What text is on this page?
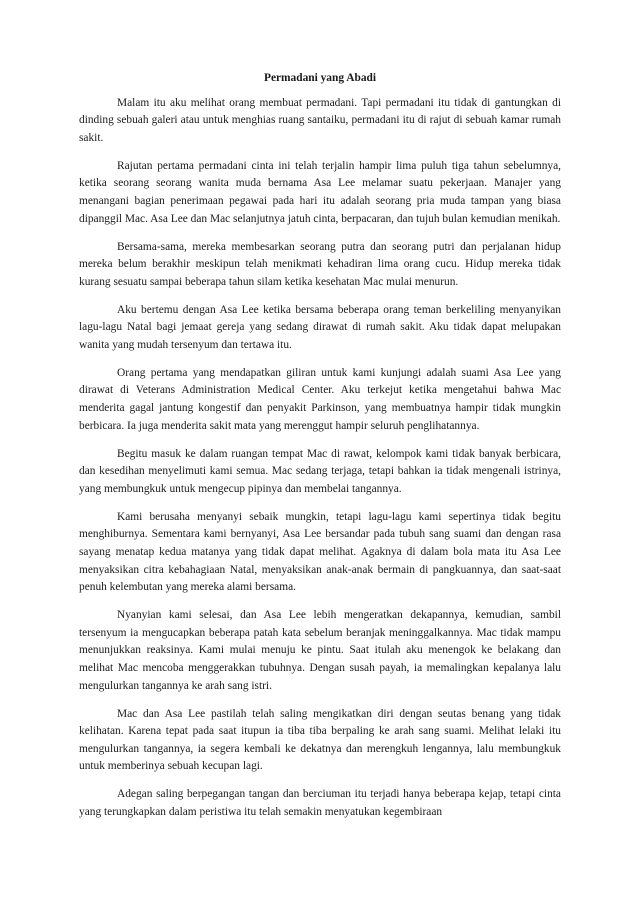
Permadani yang Abadi

Malam itu aku melihat orang membuat permadani. Tapi permadani itu tidak di gantungkan di dinding sebuah galeri atau untuk menghias ruang santaiku, permadani itu di rajut di sebuah kamar rumah sakit.

Rajutan pertama permadani cinta ini telah terjalin hampir lima puluh tiga tahun sebelumnya, ketika seorang seorang wanita muda bernama Asa Lee melamar suatu pekerjaan. Manajer yang menangani bagian penerimaan pegawai pada hari itu adalah seorang pria muda tampan yang biasa dipanggil Mac. Asa Lee dan Mac selanjutnya jatuh cinta, berpacaran, dan tujuh bulan kemudian menikah.

Bersama-sama, mereka membesarkan seorang putra dan seorang putri dan perjalanan hidup mereka belum berakhir meskipun telah menikmati kehadiran lima orang cucu. Hidup mereka tidak kurang sesuatu sampai beberapa tahun silam ketika kesehatan Mac mulai menurun.

Aku bertemu dengan Asa Lee ketika bersama beberapa orang teman berkeliling menyanyikan lagu-lagu Natal bagi jemaat gereja yang sedang dirawat di rumah sakit. Aku tidak dapat melupakan wanita yang mudah tersenyum dan tertawa itu.

Orang pertama yang mendapatkan giliran untuk kami kunjungi adalah suami Asa Lee yang dirawat di Veterans Administration Medical Center. Aku terkejut ketika mengetahui bahwa Mac menderita gagal jantung kongestif dan penyakit Parkinson, yang membuatnya hampir tidak mungkin berbicara. Ia juga menderita sakit mata yang merenggut hampir seluruh penglihatannya.

Begitu masuk ke dalam ruangan tempat Mac di rawat, kelompok kami tidak banyak berbicara, dan kesedihan menyelimuti kami semua. Mac sedang terjaga, tetapi bahkan ia tidak mengenali istrinya, yang membungkuk untuk mengecup pipinya dan membelai tangannya.

Kami berusaha menyanyi sebaik mungkin, tetapi lagu-lagu kami sepertinya tidak begitu menghiburnya. Sementara kami bernyanyi, Asa Lee bersandar pada tubuh sang suami dan dengan rasa sayang menatap kedua matanya yang tidak dapat melihat. Agaknya di dalam bola mata itu Asa Lee menyaksikan citra kebahagiaan Natal, menyaksikan anak-anak bermain di pangkuannya, dan saat-saat penuh kelembutan yang mereka alami bersama.

Nyanyian kami selesai, dan Asa Lee lebih mengeratkan dekapannya, kemudian, sambil tersenyum ia mengucapkan beberapa patah kata sebelum beranjak meninggalkannya. Mac tidak mampu menunjukkan reaksinya. Kami mulai menuju ke pintu. Saat itulah aku menengok ke belakang dan melihat Mac mencoba menggerakkan tubuhnya. Dengan susah payah, ia memalingkan kepalanya lalu mengulurkan tangannya ke arah sang istri.

Mac dan Asa Lee pastilah telah saling mengikatkan diri dengan seutas benang yang tidak kelihatan. Karena tepat pada saat itupun ia tiba tiba berpaling ke arah sang suami. Melihat lelaki itu mengulurkan tangannya, ia segera kembali ke dekatnya dan merengkuh lengannya, lalu membungkuk untuk memberinya sebuah kecupan lagi.

Adegan saling berpegangan tangan dan berciuman itu terjadi hanya beberapa kejap, tetapi cinta yang terungkapkan dalam peristiwa itu telah semakin menyatukan kegembiraan
